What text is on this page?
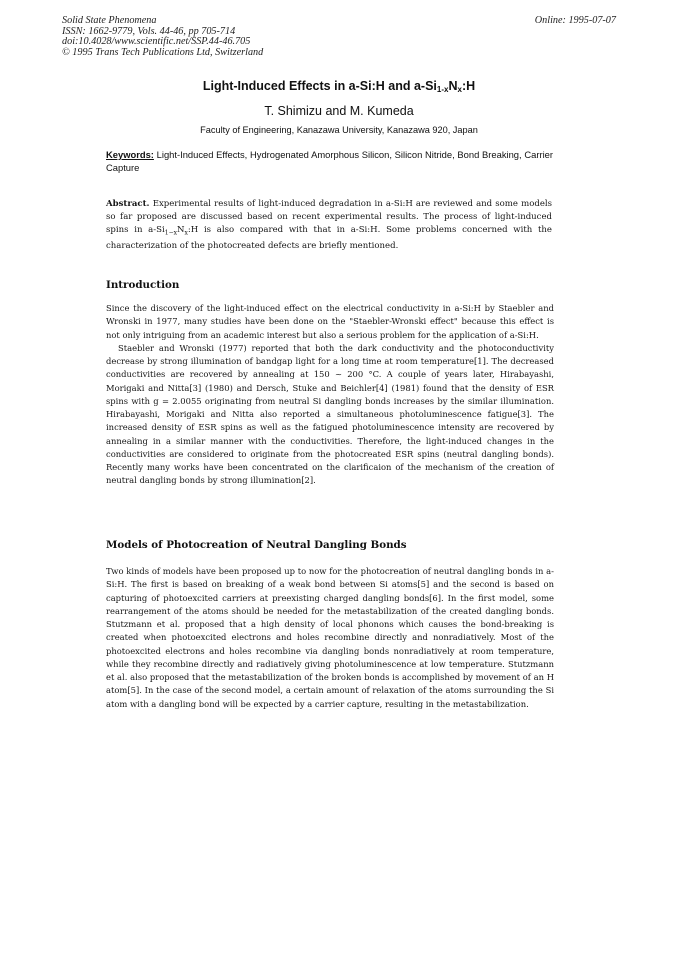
Solid State Phenomena
ISSN: 1662-9779, Vols. 44-46, pp 705-714
doi:10.4028/www.scientific.net/SSP.44-46.705
© 1995 Trans Tech Publications Ltd, Switzerland
Online: 1995-07-07
Light-Induced Effects in a-Si:H and $a-Si_{1-x}N_x:H$
T. Shimizu and M. Kumeda
Faculty of Engineering, Kanazawa University, Kanazawa 920, Japan
Keywords: Light-Induced Effects, Hydrogenated Amorphous Silicon, Silicon Nitride, Bond Breaking, Carrier Capture
Abstract. Experimental results of light-induced degradation in a-Si:H are reviewed and some models so far proposed are discussed based on recent experimental results. The process of light-induced spins in $a-Si_{1-x}N_x:H$ is also compared with that in a-Si:H. Some problems concerned with the characterization of the photocreated defects are briefly mentioned.
Introduction

Since the discovery of the light-induced effect on the electrical conductivity in a-Si:H by Staebler and Wronski in 1977, many studies have been done on the "Staebler-Wronski effect" because this effect is not only intriguing from an academic interest but also a serious problem for the application of a-Si:H.

Staebler and Wronski (1977) reported that both the dark conductivity and the photoconductivity decrease by strong illumination of bandgap light for a long time at room temperature[1]. The decreased conductivities are recovered by annealing at 150 ~ 200 °C. A couple of years later, Hirabayashi, Morigaki and Nitta[3] (1980) and Dersch, Stuke and Beichler[4] (1981) found that the density of ESR spins with g = 2.0055 originating from neutral Si dangling bonds increases by the similar illumination. Hirabayashi, Morigaki and Nitta also reported a simultaneous photoluminescence fatigue[3]. The increased density of ESR spins as well as the fatigued photoluminescence intensity are recovered by annealing in a similar manner with the conductivities. Therefore, the light-induced changes in the conductivities are considered to originate from the photocreated ESR spins (neutral dangling bonds). Recently many works have been concentrated on the clarificaion of the mechanism of the creation of neutral dangling bonds by strong illumination[2].

Models of Photocreation of Neutral Dangling Bonds

Two kinds of models have been proposed up to now for the photocreation of neutral dangling bonds in a-Si:H. The first is based on breaking of a weak bond between Si atoms[5] and the second is based on capturing of photoexcited carriers at preexisting charged dangling bonds[6]. In the first model, some rearrangement of the atoms should be needed for the metastabilization of the created dangling bonds. Stutzmann et al. proposed that a high density of local phonons which causes the bond-breaking is created when photoexcited electrons and holes recombine directly and nonradiatively. Most of the photoexcited electrons and holes recombine via dangling bonds nonradiatively at room temperature, while they recombine directly and radiatively giving photoluminescence at low temperature. Stutzmann et al. also proposed that the metastabilization of the broken bonds is accomplished by movement of an H atom[5]. In the case of the second model, a certain amount of relaxation of the atoms surrounding the Si atom with a dangling bond will be expected by a carrier capture, resulting in the metastabilization.
